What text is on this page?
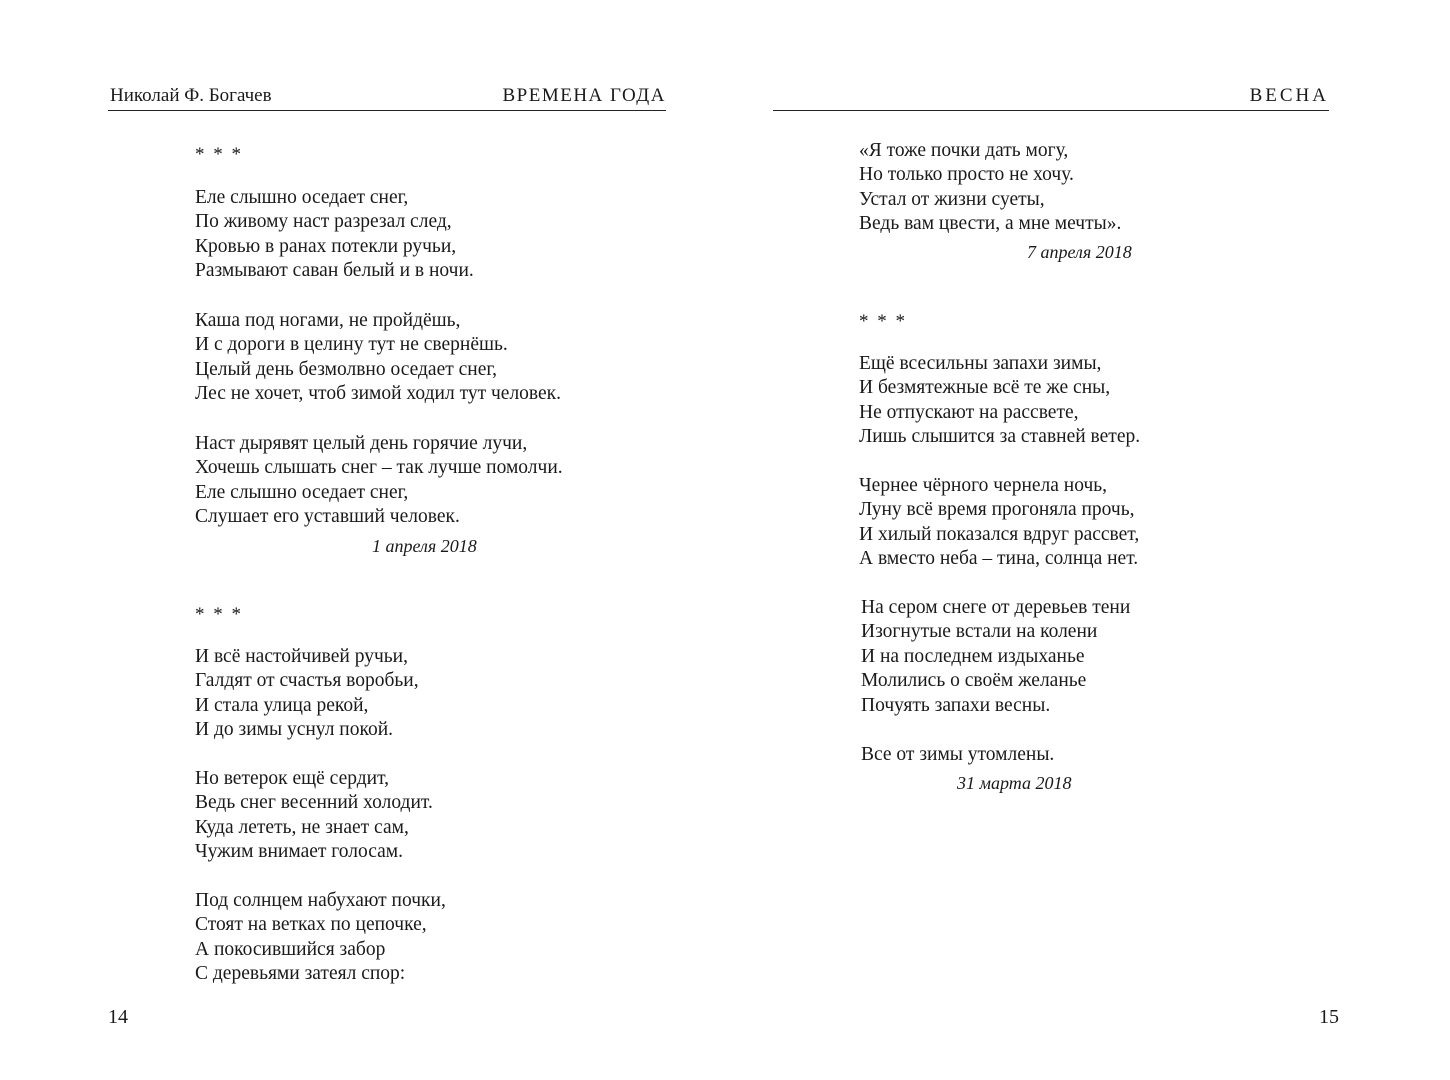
Николай Ф. Богачев	ВРЕМЕНА ГОДА
* * *
Еле слышно оседает снег,
По живому наст разрезал след,
Кровью в ранах потекли ручьи,
Размывают саван белый и в ночи.
Каша под ногами, не пройдёшь,
И с дороги в целину тут не свернёшь.
Целый день безмолвно оседает снег,
Лес не хочет, чтоб зимой ходил тут человек.
Наст дырявят целый день горячие лучи,
Хочешь слышать снег – так лучше помолчи.
Еле слышно оседает снег,
Слушает его уставший человек.
1 апреля 2018
* * *
И всё настойчивей ручьи,
Галдят от счастья воробьи,
И стала улица рекой,
И до зимы уснул покой.
Но ветерок ещё сердит,
Ведь снег весенний холодит.
Куда лететь, не знает сам,
Чужим внимает голосам.
Под солнцем набухают почки,
Стоят на ветках по цепочке,
А покосившийся забор
С деревьями затеял спор:
14
ВЕСНА
«Я тоже почки дать могу,
Но только просто не хочу.
Устал от жизни суеты,
Ведь вам цвести, а мне мечты».
7 апреля 2018
* * *
Ещё всесильны запахи зимы,
И безмятежные всё те же сны,
Не отпускают на рассвете,
Лишь слышится за ставней ветер.
Чернее чёрного чернела ночь,
Луну всё время прогоняла прочь,
И хилый показался вдруг рассвет,
А вместо неба – тина, солнца нет.
На сером снеге от деревьев тени
Изогнутые встали на колени
И на последнем издыханье
Молились о своём желанье
Почуять запахи весны.
Все от зимы утомлены.
31 марта 2018
15
